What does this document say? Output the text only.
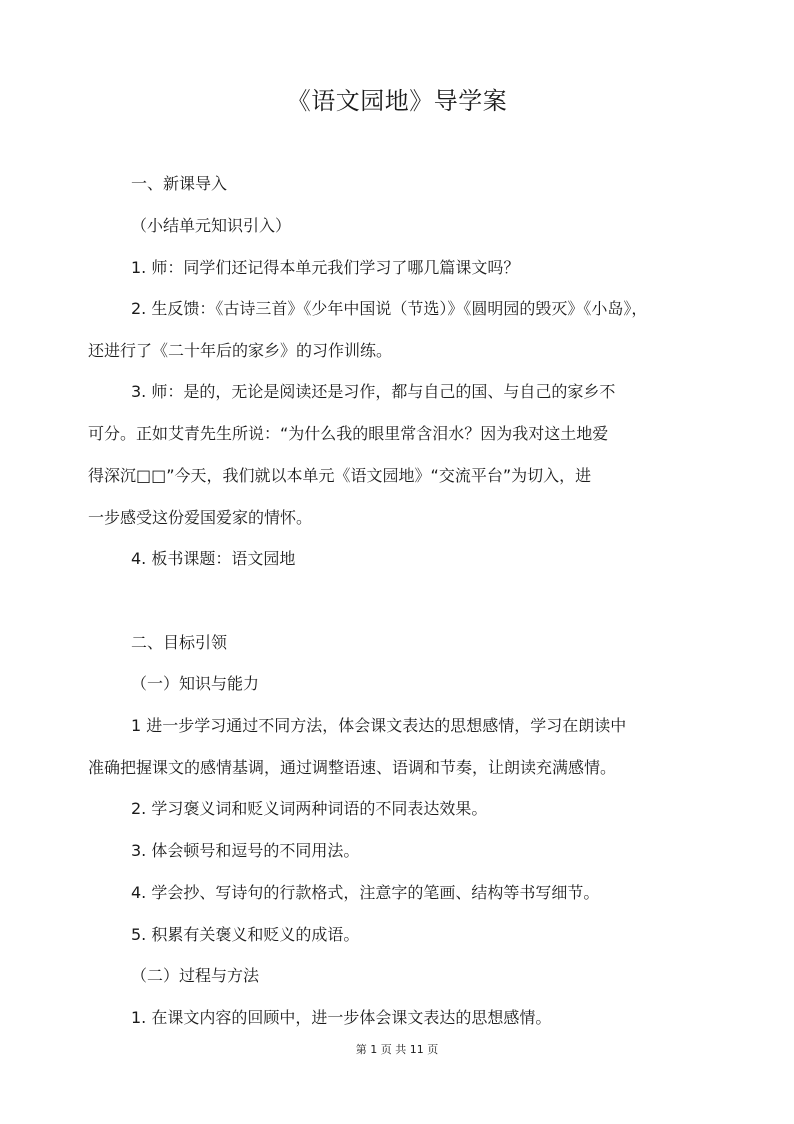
《语文园地》导学案

一、新课导入

（小结单元知识引入）

1. 师：同学们还记得本单元我们学习了哪几篇课文吗？

2. 生反馈：《古诗三首》《少年中国说（节选）》《圆明园的毁灭》《小岛》，

还进行了《二十年后的家乡》的习作训练。

3. 师：是的，无论是阅读还是习作，都与自己的国、与自己的家乡不

可分。正如艾青先生所说：“为什么我的眼里常含泪水？因为我对这土地爱

得深沉□□”今天，我们就以本单元《语文园地》“交流平台”为切入，进

一步感受这份爱国爱家的情怀。

4. 板书课题：语文园地

二、目标引领

（一）知识与能力

1 进一步学习通过不同方法，体会课文表达的思想感情，学习在朗读中

准确把握课文的感情基调，通过调整语速、语调和节奏，让朗读充满感情。

2. 学习褒义词和贬义词两种词语的不同表达效果。

3. 体会顿号和逗号的不同用法。

4. 学会抄、写诗句的行款格式，注意字的笔画、结构等书写细节。

5. 积累有关褒义和贬义的成语。

（二）过程与方法

1. 在课文内容的回顾中，进一步体会课文表达的思想感情。

第 1 页 共 11 页
